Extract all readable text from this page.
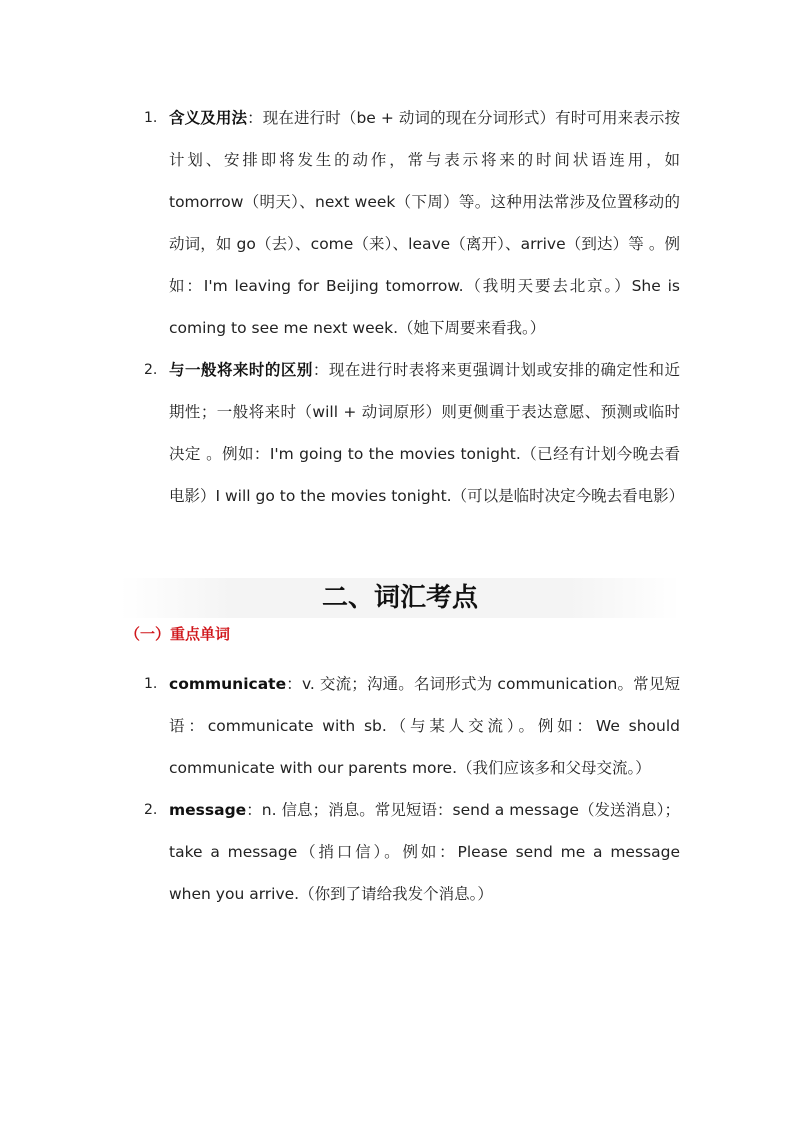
1. 含义及用法：现在进行时（be + 动词的现在分词形式）有时可用来表示按计划、安排即将发生的动作，常与表示将来的时间状语连用，如 tomorrow（明天）、next week（下周）等。这种用法常涉及位置移动的动词，如 go（去）、come（来）、leave（离开）、arrive（到达）等 。例如：I'm leaving for Beijing tomorrow.（我明天要去北京。）She is coming to see me next week.（她下周要来看我。）
2. 与一般将来时的区别：现在进行时表将来更强调计划或安排的确定性和近期性；一般将来时（will + 动词原形）则更侧重于表达意愿、预测或临时决定 。例如：I'm going to the movies tonight.（已经有计划今晚去看电影）I will go to the movies tonight.（可以是临时决定今晚去看电影）
二、词汇考点
（一）重点单词
1. communicate：v. 交流；沟通。名词形式为 communication。常见短语：communicate with sb.（与某人交流）。例如：We should communicate with our parents more.（我们应该多和父母交流。）
2. message：n. 信息；消息。常见短语：send a message（发送消息）；take a message（捎口信）。例如：Please send me a message when you arrive.（你到了请给我发个消息。）
